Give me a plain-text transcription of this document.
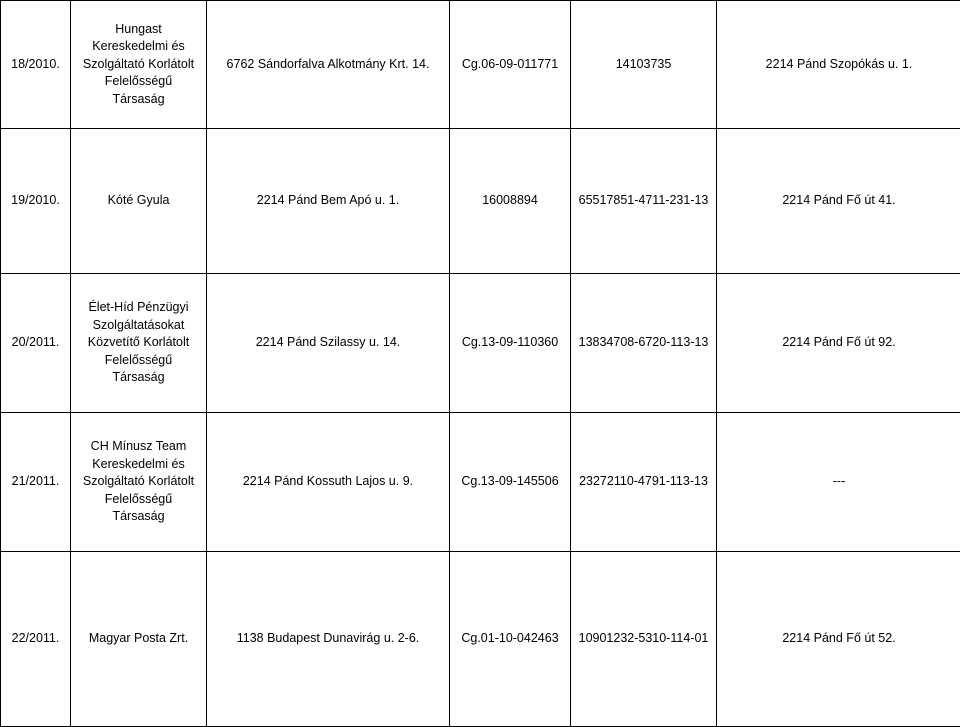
18/2010.	Hungast
Kereskedelmi és
Szolgáltató Korlátolt
Felelősségű
Társaság	6762 Sándorfalva Alkotmány Krt. 14.	Cg.06-09-011771	14103735	2214 Pánd Szopókás u. 1.
19/2010.	Kóté Gyula	2214 Pánd Bem Apó u. 1.	16008894	65517851-4711-231-13	2214 Pánd Fő út 41.
20/2011.	Élet-Híd Pénzügyi
Szolgáltatásokat
Közvetítő Korlátolt
Felelősségű
Társaság	2214 Pánd Szilassy u. 14.	Cg.13-09-110360	13834708-6720-113-13	2214 Pánd Fő út 92.
21/2011.	CH Mínusz Team
Kereskedelmi és
Szolgáltató Korlátolt
Felelősségű
Társaság	2214 Pánd Kossuth Lajos u. 9.	Cg.13-09-145506	23272110-4791-113-13	---
22/2011.	Magyar Posta Zrt.	1138 Budapest Dunavirág u. 2-6.	Cg.01-10-042463	10901232-5310-114-01	2214 Pánd Fő út 52.
